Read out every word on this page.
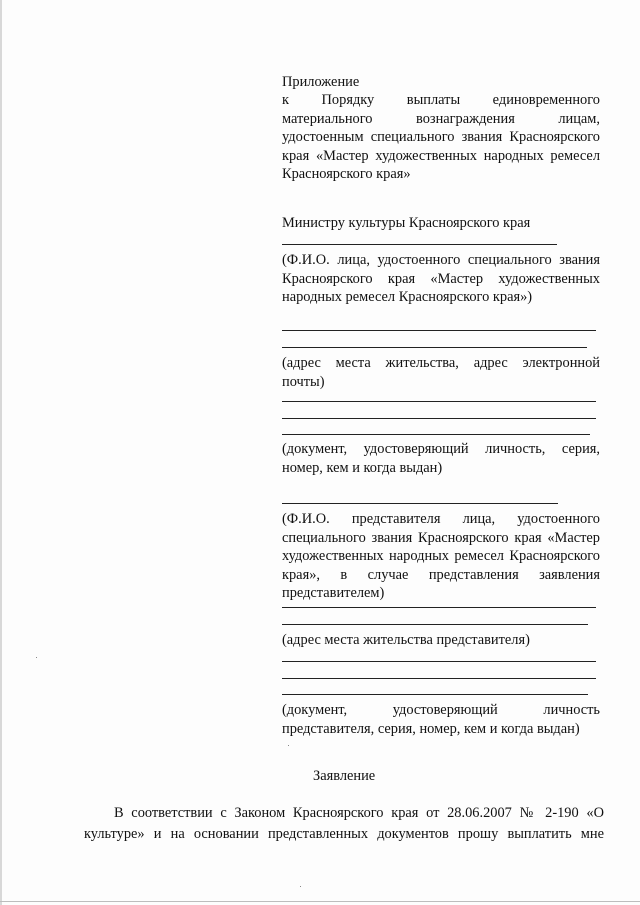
Приложение
к Порядку выплаты единовременного материального вознаграждения лицам, удостоенным специального звания Красноярского края «Мастер художественных народных ремесел Красноярского края»
Министру культуры Красноярского края
(Ф.И.О. лица, удостоенного специального звания Красноярского края «Мастер художественных народных ремесел Красноярского края»)
(адрес места жительства, адрес электронной почты)
(документ, удостоверяющий личность, серия, номер, кем и когда выдан)
(Ф.И.О. представителя лица, удостоенного специального звания Красноярского края «Мастер художественных народных ремесел Красноярского края», в случае представления заявления представителем)
(адрес места жительства представителя)
(документ, удостоверяющий личность представителя, серия, номер, кем и когда выдан)
Заявление
В соответствии с Законом Красноярского края от 28.06.2007 № 2-190 «О культуре» и на основании представленных документов прошу выплатить мне
